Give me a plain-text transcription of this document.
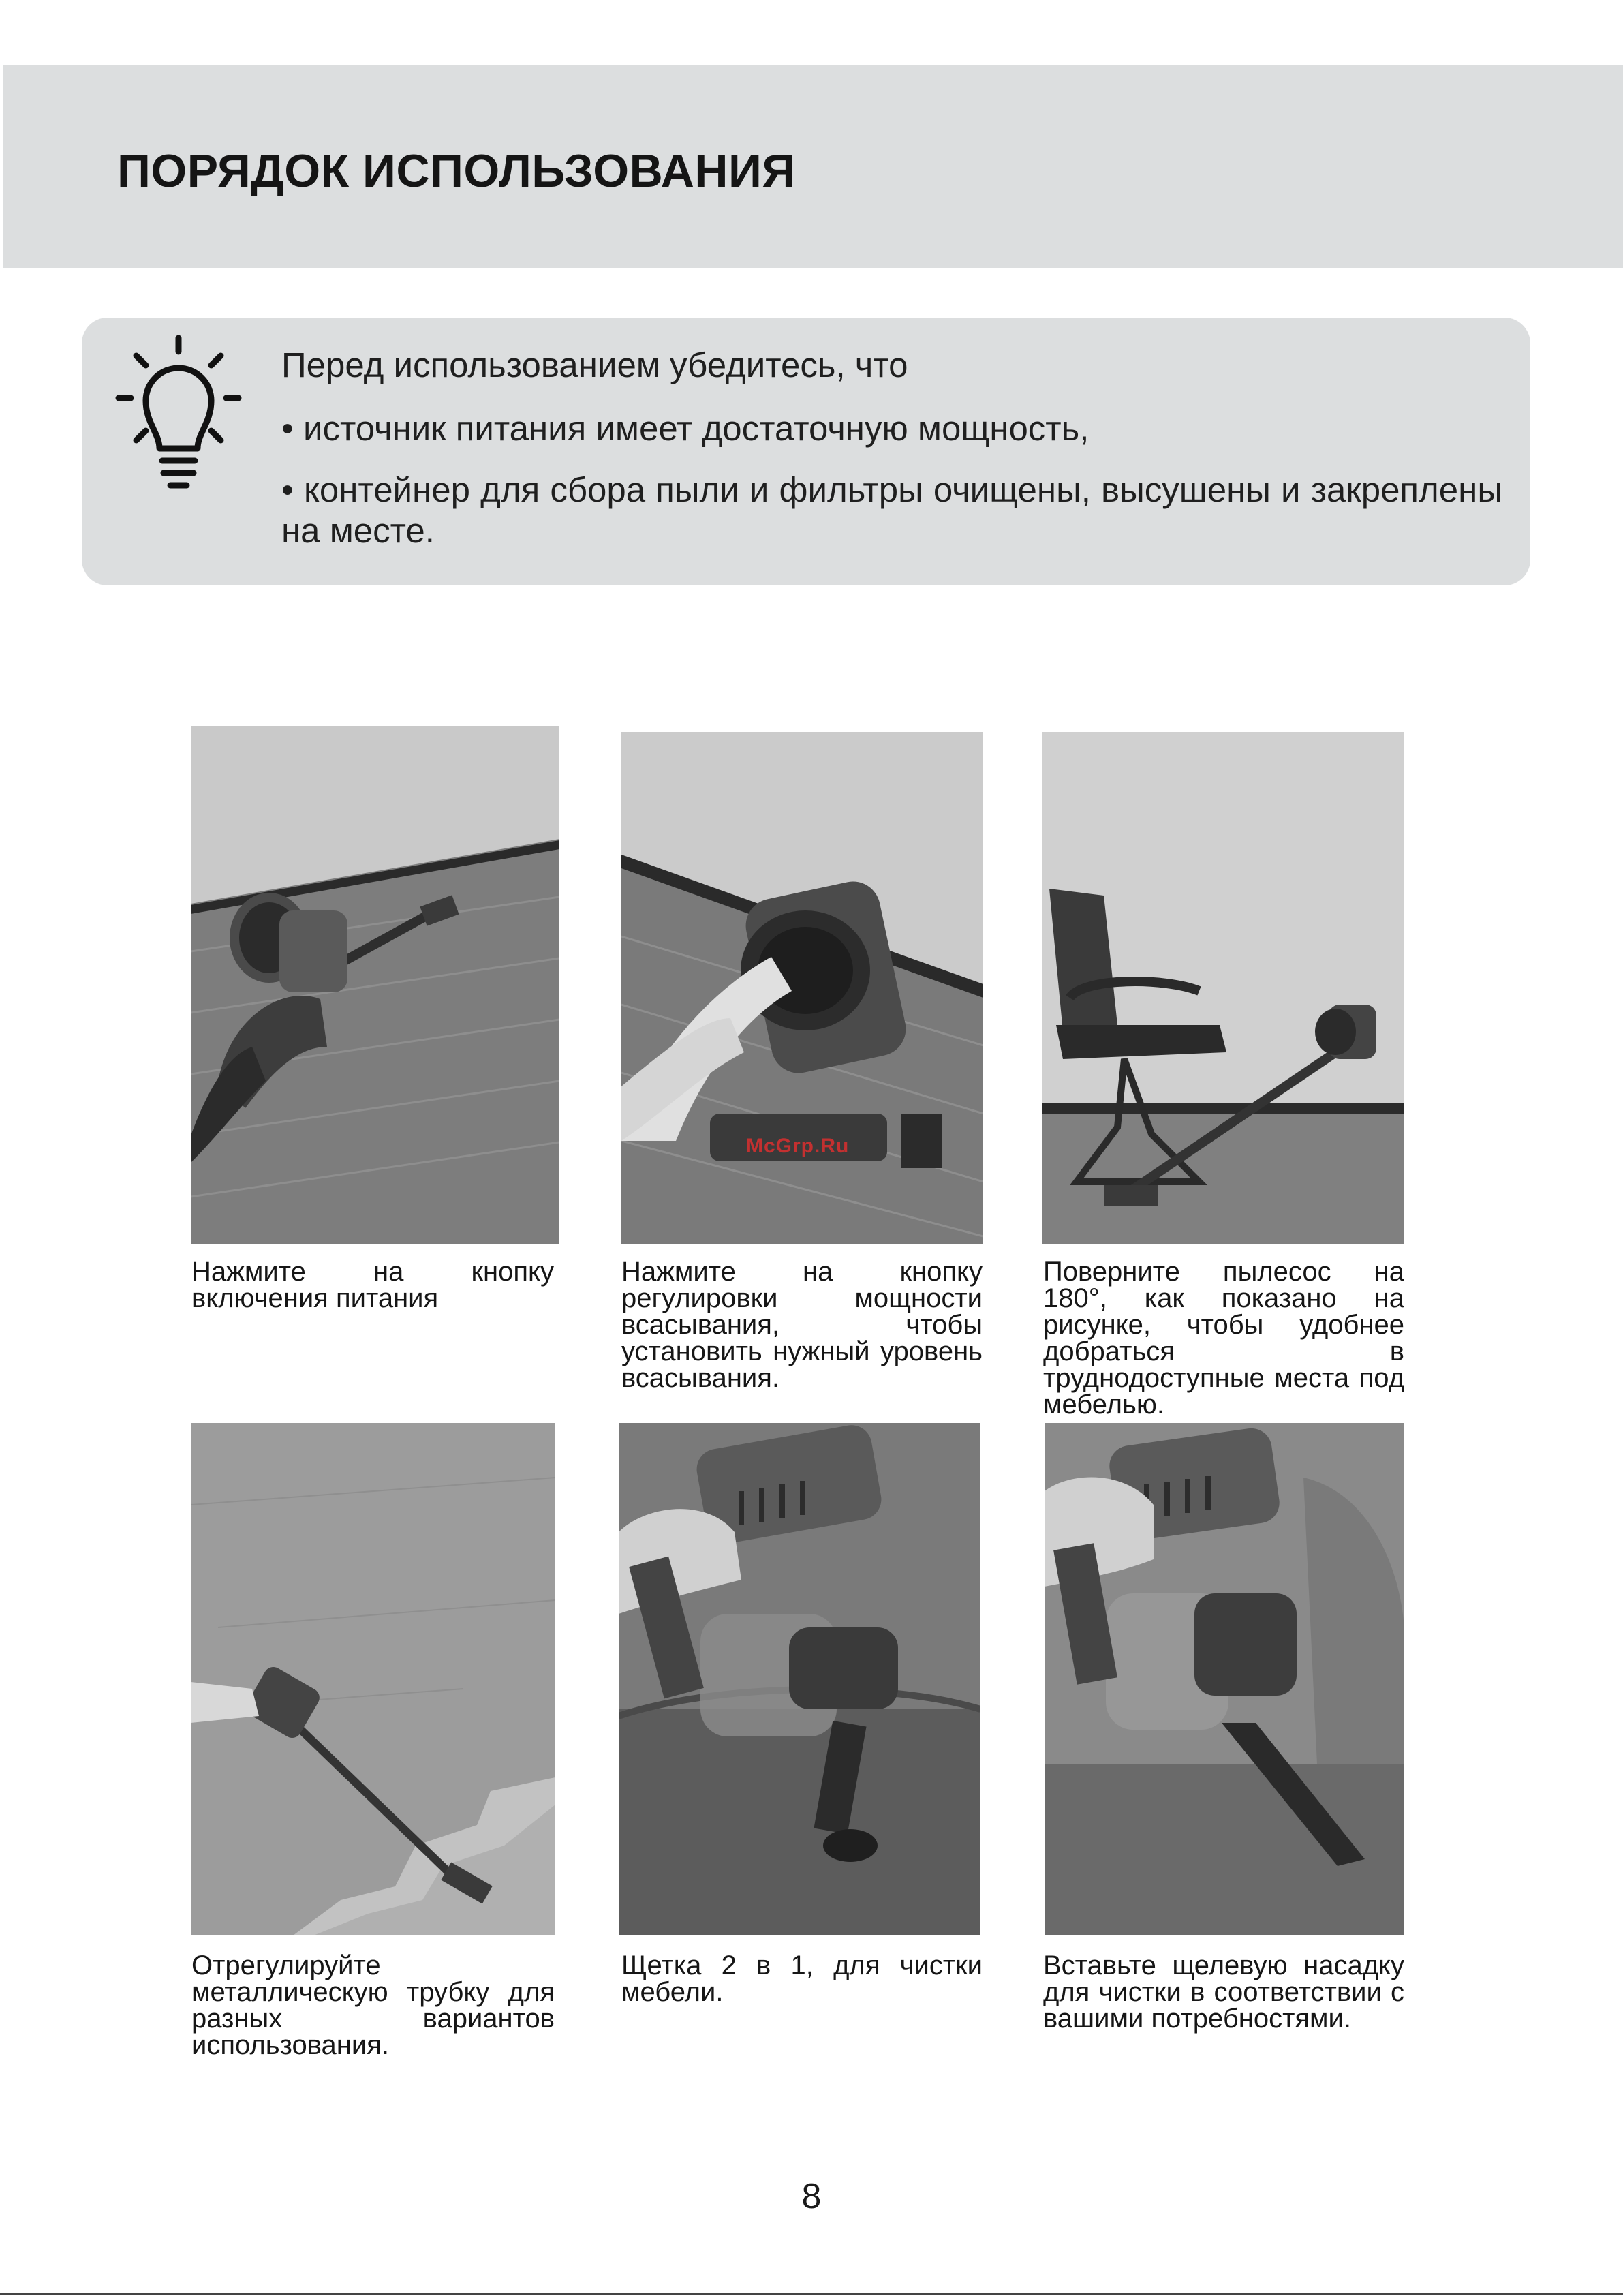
ПОРЯДОК ИСПОЛЬЗОВАНИЯ

Перед использованием убедитесь, что

• источник питания имеет достаточную мощность,

• контейнер для сбора пыли и фильтры очищены, высушены и закреплены на месте.

McGrp.Ru

Нажмите на кнопку включения питания

Нажмите на кнопку регулировки мощности всасывания, чтобы установить нужный уровень всасывания.

Поверните пылесос на 180°, как показано на рисунке, чтобы удобнее добраться в труднодоступные места под мебелью.

Отрегулируйте металлическую трубку для разных вариантов использования.

Щетка 2 в 1, для чистки мебели.

Вставьте щелевую насадку для чистки в соответствии с вашими потребностями.

8
